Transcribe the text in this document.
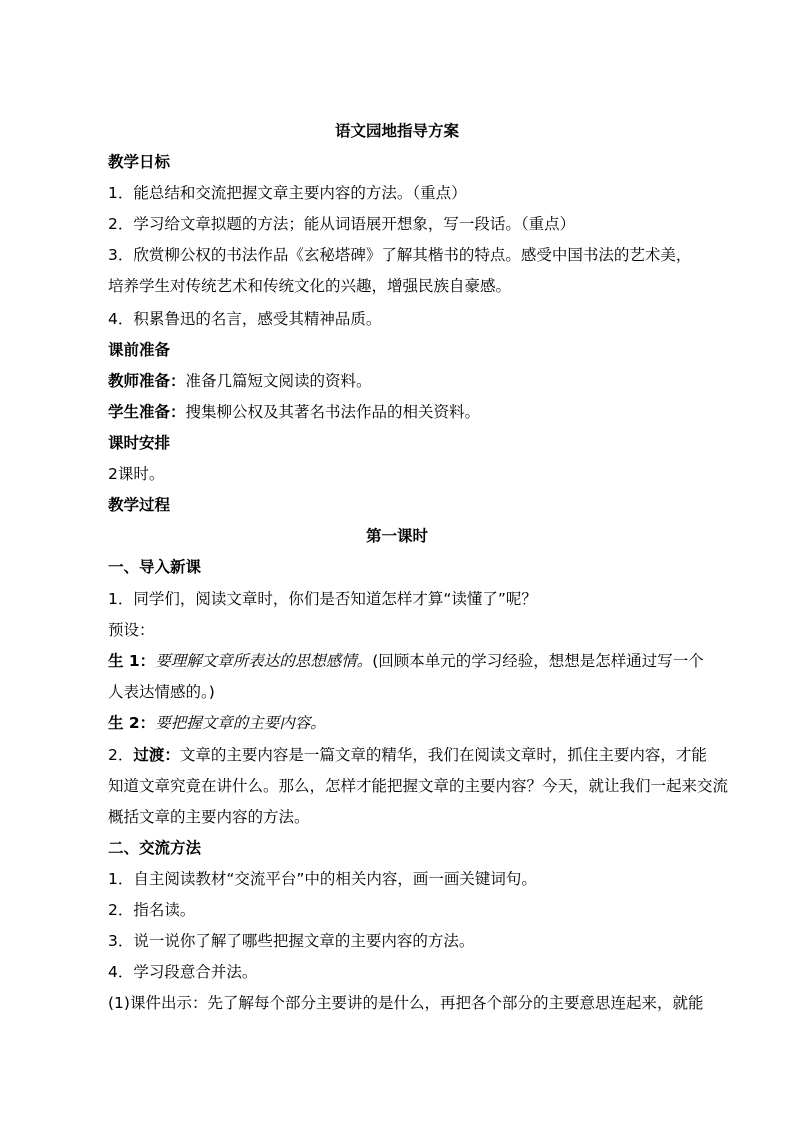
语文园地指导方案
教学日标
1．能总结和交流把握文章主要内容的方法。（重点）
2．学习给文章拟题的方法；能从词语展开想象，写一段话。（重点）
3．欣赏柳公权的书法作品《玄秘塔碑》了解其楷书的特点。感受中国书法的艺术美，
培养学生对传统艺术和传统文化的兴趣，增强民族自豪感。
4．积累鲁迅的名言，感受其精神品质。
课前准备
教师准备：准备几篇短文阅读的资料。
学生准备：搜集柳公权及其著名书法作品的相关资料。
课时安排
2课时。
教学过程
第一课时
一、导入新课
1．同学们，阅读文章时，你们是否知道怎样才算“读懂了”呢？
预设：
生 1：要理解文章所表达的思想感情。(回顾本单元的学习经验，想想是怎样通过写一个
人表达情感的。)
生 2：要把握文章的主要内容。
2．过渡：文章的主要内容是一篇文章的精华，我们在阅读文章时，抓住主要内容，才能
知道文章究竟在讲什么。那么，怎样才能把握文章的主要内容？今天，就让我们一起来交流
概括文章的主要内容的方法。
二、交流方法
1．自主阅读教材“交流平台”中的相关内容，画一画关键词句。
2．指名读。
3．说一说你了解了哪些把握文章的主要内容的方法。
4．学习段意合并法。
(1)课件出示：先了解每个部分主要讲的是什么，再把各个部分的主要意思连起来，就能
